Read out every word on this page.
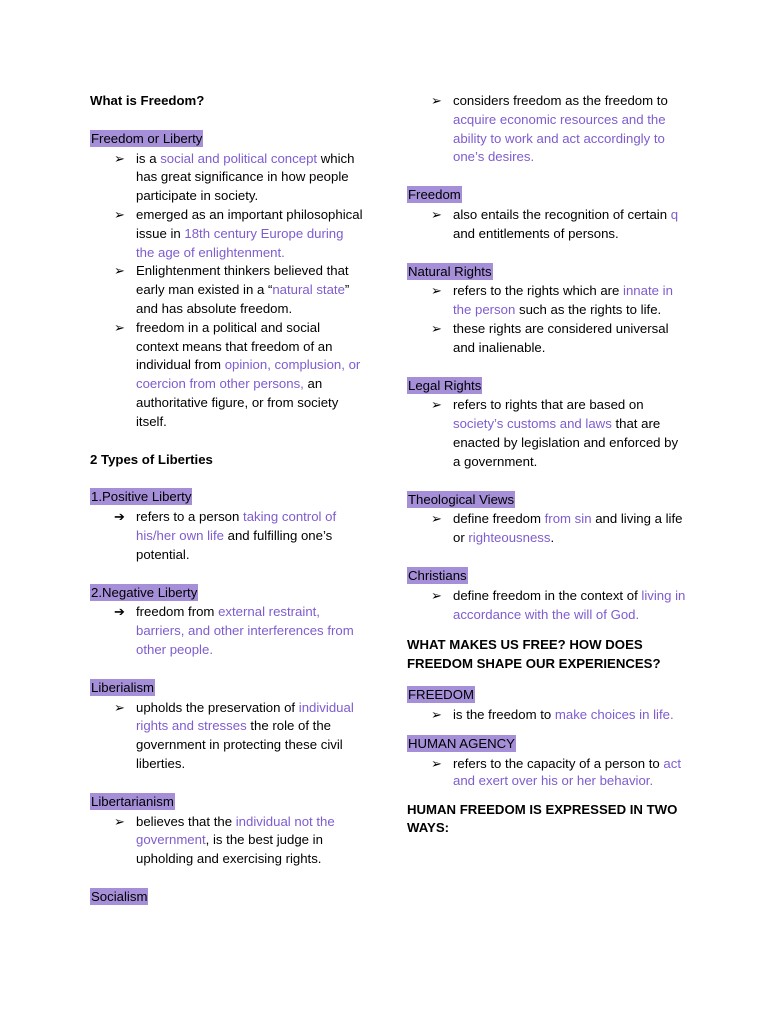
What is Freedom?
Freedom or Liberty
➢ is a social and political concept which has great significance in how people participate in society.
➢ emerged as an important philosophical issue in 18th century Europe during the age of enlightenment.
➢ Enlightenment thinkers believed that early man existed in a “natural state” and has absolute freedom.
➢ freedom in a political and social context means that freedom of an individual from opinion, complusion, or coercion from other persons, an authoritative figure, or from society itself.
2 Types of Liberties
1.Positive Liberty
➔ refers to a person taking control of his/her own life and fulfilling one’s potential.
2.Negative Liberty
➔ freedom from external restraint, barriers, and other interferences from other people.
Liberialism
➢ upholds the preservation of individual rights and stresses the role of the government in protecting these civil liberties.
Libertarianism
➢ believes that the individual not the government, is the best judge in upholding and exercising rights.
Socialism
➢ considers freedom as the freedom to acquire economic resources and the ability to work and act accordingly to one’s desires.
Freedom
➢ also entails the recognition of certain q and entitlements of persons.
Natural Rights
➢ refers to the rights which are innate in the person such as the rights to life.
➢ these rights are considered universal and inalienable.
Legal Rights
➢ refers to rights that are based on society’s customs and laws that are enacted by legislation and enforced by a government.
Theological Views
➢ define freedom from sin and living a life or righteousness.
Christians
➢ define freedom in the context of living in accordance with the will of God.
WHAT MAKES US FREE? HOW DOES FREEDOM SHAPE OUR EXPERIENCES?
FREEDOM
➢ is the freedom to make choices in life.
HUMAN AGENCY
➢ refers to the capacity of a person to act and exert over his or her behavior.
HUMAN FREEDOM IS EXPRESSED IN TWO WAYS:
